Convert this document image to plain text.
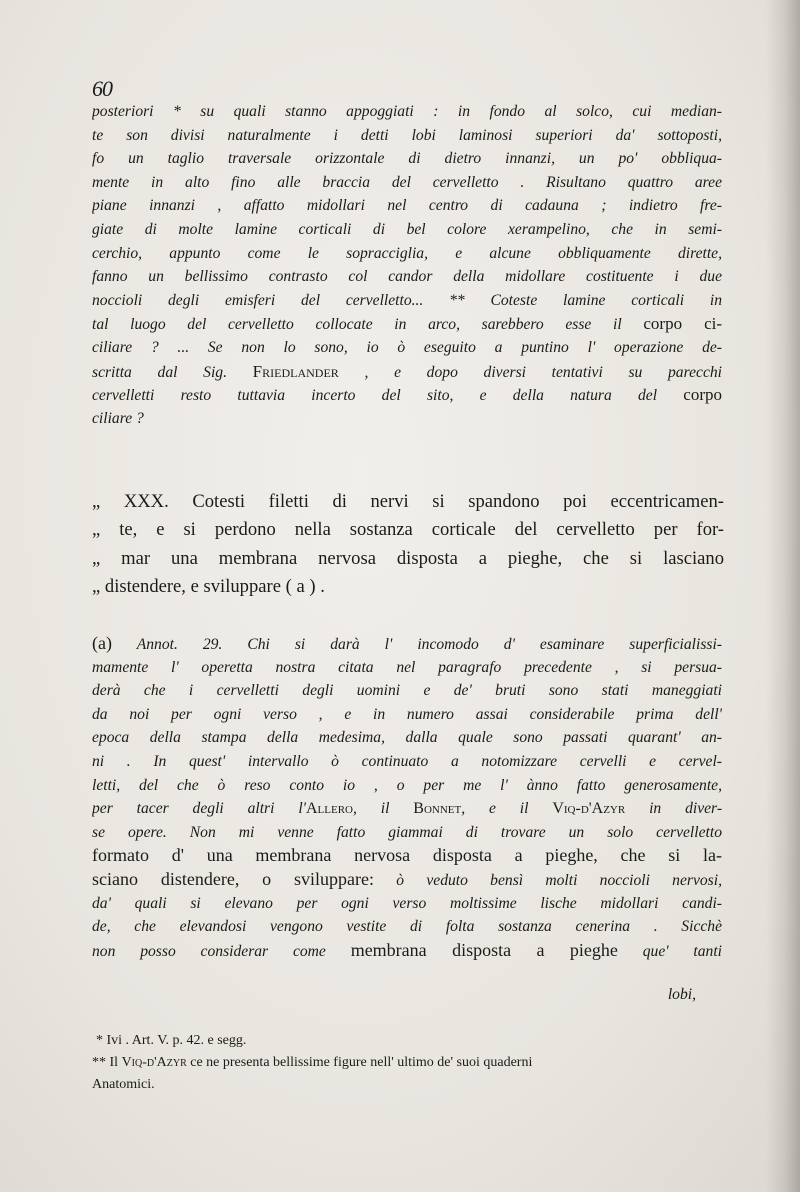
60
posteriori * su quali stanno appoggiati : in fondo al solco, cui median-
te son divisi naturalmente i detti lobi laminosi superiori da' sottoposti,
fo un taglio traversale orizzontale di dietro innanzi, un po' obbliqua-
mente in alto fino alle braccia del cervelletto . Risultano quattro aree
piane innanzi , affatto midollari nel centro di cadauna ; indietro fre-
giate di molte lamine corticali di bel colore xerampelino, che in semi-
cerchio, appunto come le sopracciglia, e alcune obbliquamente dirette,
fanno un bellissimo contrasto col candor della midollare costituente i due
noccioli degli emisferi del cervelletto... ** Coteste lamine corticali in
tal luogo del cervelletto collocate in arco, sarebbero esse il corpo ci-
ciliare ? ... Se non lo sono, io ò eseguito a puntino l' operazione de-
scritta dal Sig. Friedlander , e dopo diversi tentativi su parecchi
cervelletti resto tuttavia incerto del sito, e della natura del corpo
ciliare ?
„ XXX. Cotesti filetti di nervi si spandono poi eccentricamen-
„ te, e si perdono nella sostanza corticale del cervelletto per for-
„ mar una membrana nervosa disposta a pieghe, che si lasciano
„ distendere, e sviluppare ( a ) .
(a) Annot. 29. Chi si darà l' incomodo d' esaminare superficialissi-
mamente l' operetta nostra citata nel paragrafo precedente , si persua-
derà che i cervelletti degli uomini e de' bruti sono stati maneggiati
da noi per ogni verso , e in numero assai considerabile prima dell'
epoca della stampa della medesima, dalla quale sono passati quarant' an-
ni . In quest' intervallo ò continuato a notomizzare cervelli e cervel-
letti, del che ò reso conto io , o per me l' ànno fatto generosamente,
per tacer degli altri l'Allero, il Bonnet, e il Viq-d'Azyr in diver-
se opere. Non mi venne fatto giammai di trovare un solo cervelletto
formato d' una membrana nervosa disposta a pieghe, che si la-
sciano distendere, o sviluppare: ò veduto bensì molti noccioli nervosi,
da' quali si elevano per ogni verso moltissime lische midollari candi-
de, che elevandosi vengono vestite di folta sostanza cenerina . Sicchè
non posso considerar come membrana disposta a pieghe que' tanti
lobi,
* Ivi . Art. V. p. 42. e segg.
** Il Viq-d'Azyr ce ne presenta bellissime figure nell' ultimo de' suoi quaderni
Anatomici.
